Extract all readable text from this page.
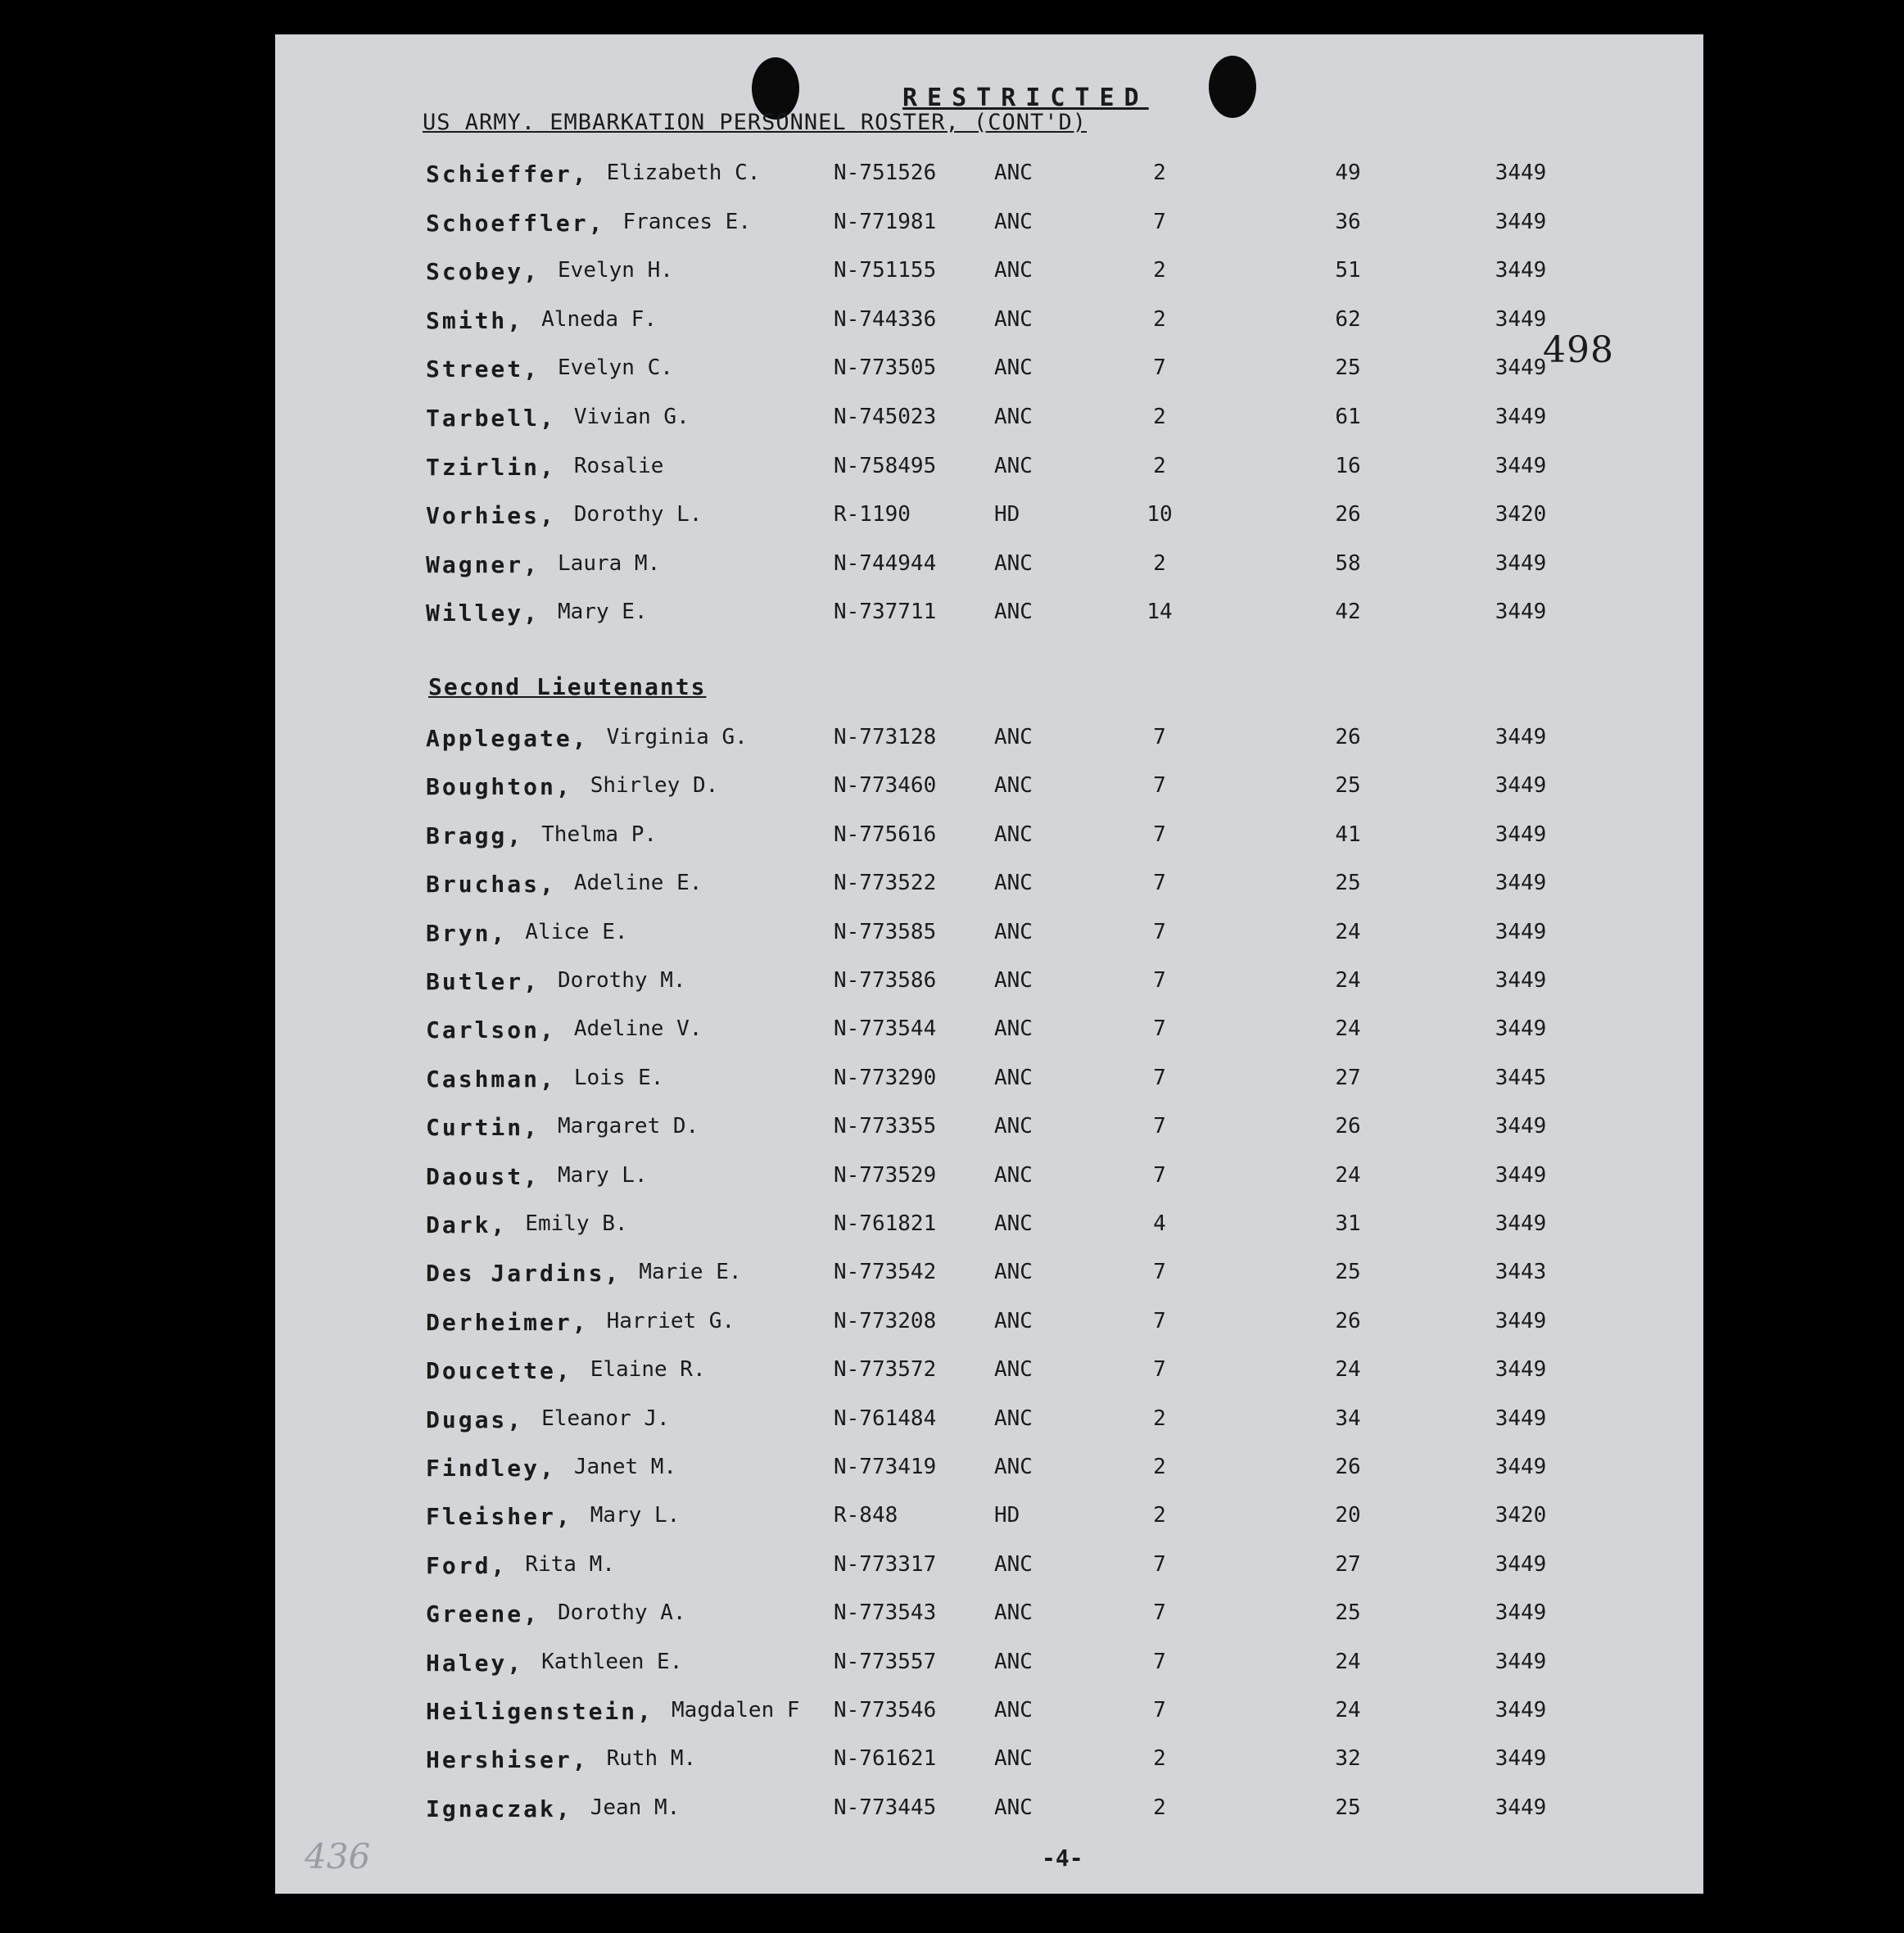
RESTRICTED
US ARMY. EMBARKATION PERSONNEL ROSTER, (CONT'D)
498
Second Lieutenants
Schieffer, Elizabeth C.	N-751526	ANC	2	49	3449
Schoeffler, Frances E.	N-771981	ANC	7	36	3449
Scobey, Evelyn H.	N-751155	ANC	2	51	3449
Smith, Alneda F.	N-744336	ANC	2	62	3449
Street, Evelyn C.	N-773505	ANC	7	25	3449
Tarbell, Vivian G.	N-745023	ANC	2	61	3449
Tzirlin, Rosalie	N-758495	ANC	2	16	3449
Vorhies, Dorothy L.	R-1190	HD	10	26	3420
Wagner, Laura M.	N-744944	ANC	2	58	3449
Willey, Mary E.	N-737711	ANC	14	42	3449
Applegate, Virginia G.	N-773128	ANC	7	26	3449
Boughton, Shirley D.	N-773460	ANC	7	25	3449
Bragg, Thelma P.	N-775616	ANC	7	41	3449
Bruchas, Adeline E.	N-773522	ANC	7	25	3449
Bryn, Alice E.	N-773585	ANC	7	24	3449
Butler, Dorothy M.	N-773586	ANC	7	24	3449
Carlson, Adeline V.	N-773544	ANC	7	24	3449
Cashman, Lois E.	N-773290	ANC	7	27	3445
Curtin, Margaret D.	N-773355	ANC	7	26	3449
Daoust, Mary L.	N-773529	ANC	7	24	3449
Dark, Emily B.	N-761821	ANC	4	31	3449
Des Jardins, Marie E.	N-773542	ANC	7	25	3443
Derheimer, Harriet G.	N-773208	ANC	7	26	3449
Doucette, Elaine R.	N-773572	ANC	7	24	3449
Dugas, Eleanor J.	N-761484	ANC	2	34	3449
Findley, Janet M.	N-773419	ANC	2	26	3449
Fleisher, Mary L.	R-848	HD	2	20	3420
Ford, Rita M.	N-773317	ANC	7	27	3449
Greene, Dorothy A.	N-773543	ANC	7	25	3449
Haley, Kathleen E.	N-773557	ANC	7	24	3449
Heiligenstein, Magdalen F N-773546	ANC	7	24	3449
Hershiser, Ruth M.	N-761621	ANC	2	32	3449
Ignaczak, Jean M.	N-773445	ANC	2	25	3449
-4-
436
